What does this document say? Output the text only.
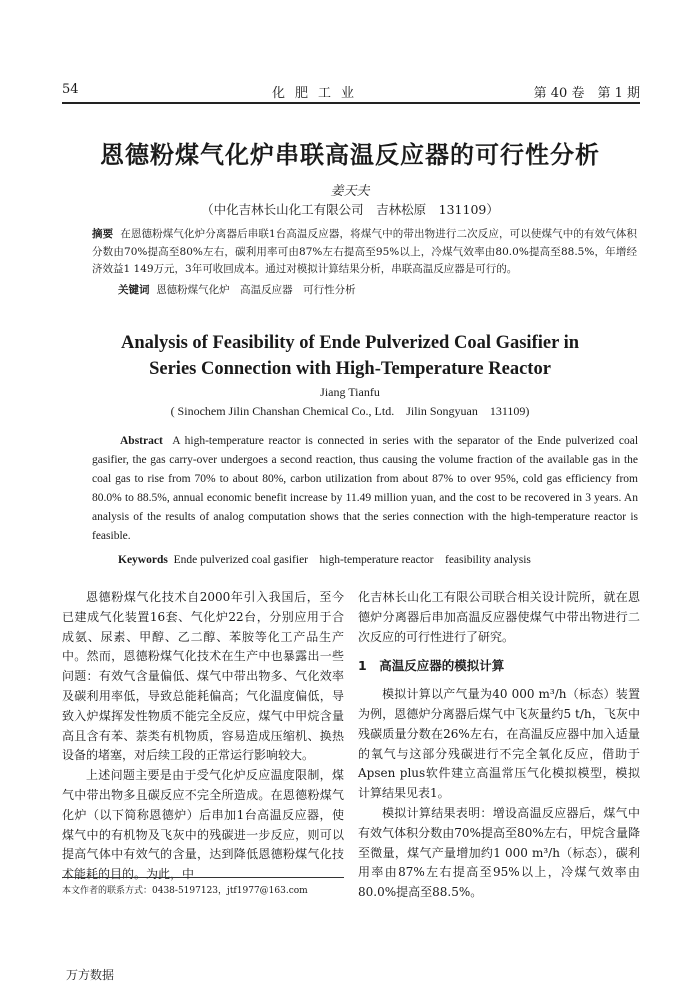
54	化肥工业	第 40 卷　第 1 期
恩德粉煤气化炉串联高温反应器的可行性分析
姜天夫
（中化吉林长山化工有限公司　吉林松原　131109）
摘要 在恩德粉煤气化炉分离器后串联1台高温反应器，将煤气中的带出物进行二次反应，可以使煤气中的有效气体积分数由70%提高至80%左右，碳利用率可由87%左右提高至95%以上，冷煤气效率由80.0%提高至88.5%，年增经济效益1 149万元，3年可收回成本。通过对模拟计算结果分析，串联高温反应器是可行的。
关键词 恩德粉煤气化炉　高温反应器　可行性分析
Analysis of Feasibility of Ende Pulverized Coal Gasifier in
Series Connection with High-Temperature Reactor
Jiang Tianfu
( Sinochem Jilin Chanshan Chemical Co., Ltd.　Jilin Songyuan　131109)
Abstract A high-temperature reactor is connected in series with the separator of the Ende pulverized coal gasifier, the gas carry-over undergoes a second reaction, thus causing the volume fraction of the available gas in the coal gas to rise from 70% to about 80%, carbon utilization from about 87% to over 95%, cold gas efficiency from 80.0% to 88.5%, annual economic benefit increase by 11.49 million yuan, and the cost to be recovered in 3 years. An analysis of the results of analog computation shows that the series connection with the high-temperature reactor is feasible.
Keywords Ende pulverized coal gasifier　high-temperature reactor　feasibility analysis

恩德粉煤气化技术自2000年引入我国后，至今已建成气化装置16套、气化炉22台，分别应用于合成氨、尿素、甲醇、乙二醇、苯胺等化工产品生产中。然而，恩德粉煤气化技术在生产中也暴露出一些问题：有效气含量偏低、煤气中带出物多、气化效率及碳利用率低，导致总能耗偏高；气化温度偏低，导致入炉煤挥发性物质不能完全反应，煤气中甲烷含量高且含有苯、萘类有机物质，容易造成压缩机、换热设备的堵塞，对后续工段的正常运行影响较大。

上述问题主要是由于受气化炉反应温度限制，煤气中带出物多且碳反应不完全所造成。在恩德粉煤气化炉（以下简称恩德炉）后串加1台高温反应器，使煤气中的有机物及飞灰中的残碳进一步反应，则可以提高气体中有效气的含量，达到降低恩德粉煤气化技术能耗的目的。为此，中

化吉林长山化工有限公司联合相关设计院所，就在恩德炉分离器后串加高温反应器使煤气中带出物进行二次反应的可行性进行了研究。

1　高温反应器的模拟计算

模拟计算以产气量为40 000 m³/h（标态）装置为例，恩德炉分离器后煤气中飞灰量约5 t/h，飞灰中残碳质量分数在26%左右，在高温反应器中加入适量的氧气与这部分残碳进行不完全氧化反应，借助于Apsen plus软件建立高温常压气化模拟模型，模拟计算结果见表1。

模拟计算结果表明：增设高温反应器后，煤气中有效气体积分数由70%提高至80%左右，甲烷含量降至微量，煤气产量增加约1 000 m³/h（标态），碳利用率由87%左右提高至95%以上，冷煤气效率由80.0%提高至88.5%。

本文作者的联系方式：0438-5197123，jtf1977@163.com
万方数据
